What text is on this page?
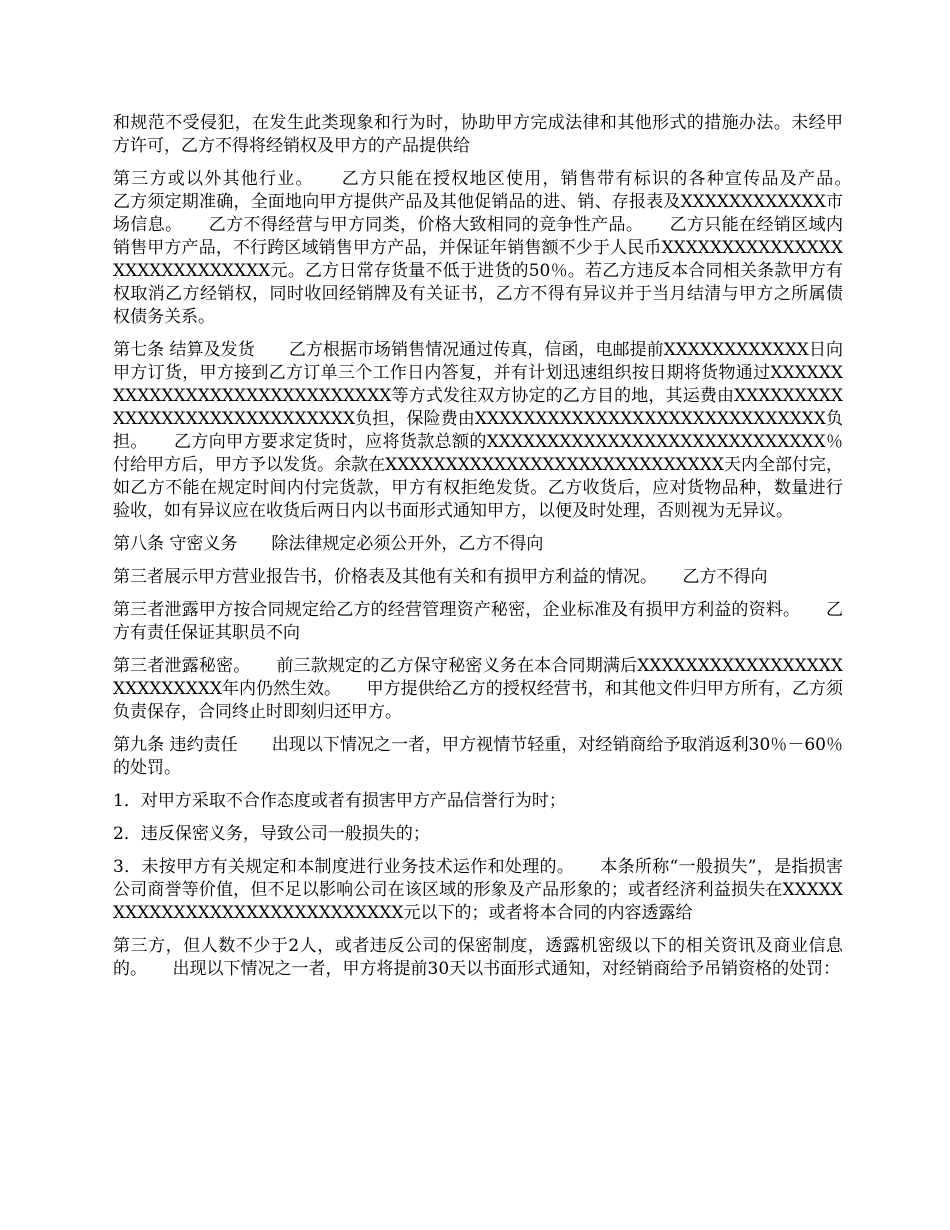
和规范不受侵犯，在发生此类现象和行为时，协助甲方完成法律和其他形式的措施办法。未经甲方许可，乙方不得将经销权及甲方的产品提供给

第三方或以外其他行业。　　乙方只能在授权地区使用，销售带有标识的各种宣传品及产品。　　乙方须定期准确，全面地向甲方提供产品及其他促销品的进、销、存报表及XXXXXXXXXXXX市场信息。　　乙方不得经营与甲方同类，价格大致相同的竞争性产品。　　乙方只能在经销区域内销售甲方产品，不行跨区域销售甲方产品，并保证年销售额不少于人民币XXXXXXXXXXXXXXXXXXXXXXXXXXXX元。乙方日常存货量不低于进货的50％。若乙方违反本合同相关条款甲方有权取消乙方经销权，同时收回经销牌及有关证书，乙方不得有异议并于当月结清与甲方之所属债权债务关系。

第七条 结算及发货　　乙方根据市场销售情况通过传真，信函，电邮提前XXXXXXXXXXXX日向甲方订货，甲方接到乙方订单三个工作日内答复，并有计划迅速组织按日期将货物通过XXXXXXXXXXXXXXXXXXXXXXXXXXXXX等方式发往双方协定的乙方目的地，其运费由XXXXXXXXXXXXXXXXXXXXXXXXXXXXX负担，保险费由XXXXXXXXXXXXXXXXXXXXXXXXXXXXX负担。　　乙方向甲方要求定货时，应将货款总额的XXXXXXXXXXXXXXXXXXXXXXXXXXXX％付给甲方后，甲方予以发货。余款在XXXXXXXXXXXXXXXXXXXXXXXXXXXX天内全部付完，如乙方不能在规定时间内付完货款，甲方有权拒绝发货。乙方收货后，应对货物品种，数量进行验收，如有异议应在收货后两日内以书面形式通知甲方，以便及时处理，否则视为无异议。

第八条 守密义务　　除法律规定必须公开外，乙方不得向

第三者展示甲方营业报告书，价格表及其他有关和有损甲方利益的情况。　　乙方不得向

第三者泄露甲方按合同规定给乙方的经营管理资产秘密，企业标准及有损甲方利益的资料。　　乙方有责任保证其职员不向

第三者泄露秘密。　　前三款规定的乙方保守秘密义务在本合同期满后XXXXXXXXXXXXXXXXXXXXXXXXXX年内仍然生效。　　甲方提供给乙方的授权经营书，和其他文件归甲方所有，乙方须负责保存，合同终止时即刻归还甲方。

第九条 违约责任　　出现以下情况之一者，甲方视情节轻重，对经销商给予取消返利30％－60％的处罚。

1．对甲方采取不合作态度或者有损害甲方产品信誉行为时；

2．违反保密义务，导致公司一般损失的；

3．未按甲方有关规定和本制度进行业务技术运作和处理的。　　本条所称“一般损失”，是指损害公司商誉等价值，但不足以影响公司在该区域的形象及产品形象的；或者经济利益损失在XXXXXXXXXXXXXXXXXXXXXXXXXXXXX元以下的；或者将本合同的内容透露给

第三方，但人数不少于2人，或者违反公司的保密制度，透露机密级以下的相关资讯及商业信息的。　　出现以下情况之一者，甲方将提前30天以书面形式通知，对经销商给予吊销资格的处罚：
